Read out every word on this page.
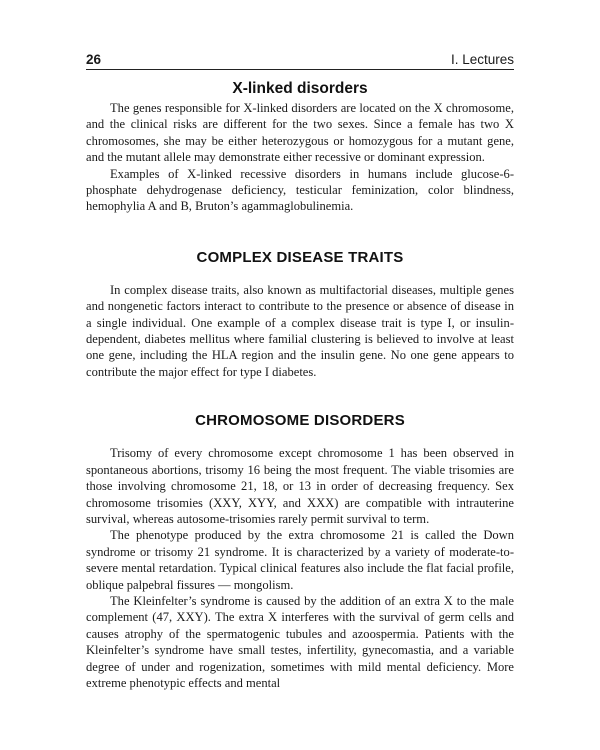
26	I. Lectures
X-linked disorders

The genes responsible for X-linked disorders are located on the X chromosome, and the clinical risks are different for the two sexes. Since a female has two X chromosomes, she may be either heterozygous or homozygous for a mutant gene, and the mutant allele may demonstrate either recessive or dominant expression.

Examples of X-linked recessive disorders in humans include glucose-6-phosphate dehydrogenase deficiency, testicular feminization, color blindness, hemophylia A and B, Bruton’s agammaglobulinemia.

COMPLEX DISEASE TRAITS

In complex disease traits, also known as multifactorial diseases, multiple genes and nongenetic factors interact to contribute to the presence or absence of disease in a single individual. One example of a complex disease trait is type I, or insulin-dependent, diabetes mellitus where familial clustering is believed to involve at least one gene, including the HLA region and the insulin gene. No one gene appears to contribute the major effect for type I diabetes.

CHROMOSOME DISORDERS

Trisomy of every chromosome except chromosome 1 has been observed in spontaneous abortions, trisomy 16 being the most frequent. The viable trisomies are those involving chromosome 21, 18, or 13 in order of decreasing frequency. Sex chromosome trisomies (XXY, XYY, and XXX) are compatible with intrauterine survival, whereas autosome-trisomies rarely permit survival to term.

The phenotype produced by the extra chromosome 21 is called the Down syndrome or trisomy 21 syndrome. It is characterized by a variety of moderate-to-severe mental retardation. Typical clinical features also include the flat facial profile, oblique palpebral fissures — mongolism.

The Kleinfelter’s syndrome is caused by the addition of an extra X to the male complement (47, XXY). The extra X interferes with the survival of germ cells and causes atrophy of the spermatogenic tubules and azoospermia. Patients with the Kleinfelter’s syndrome have small testes, infertility, gynecomastia, and a variable degree of under and rogenization, sometimes with mild mental deficiency. More extreme phenotypic effects and mental
